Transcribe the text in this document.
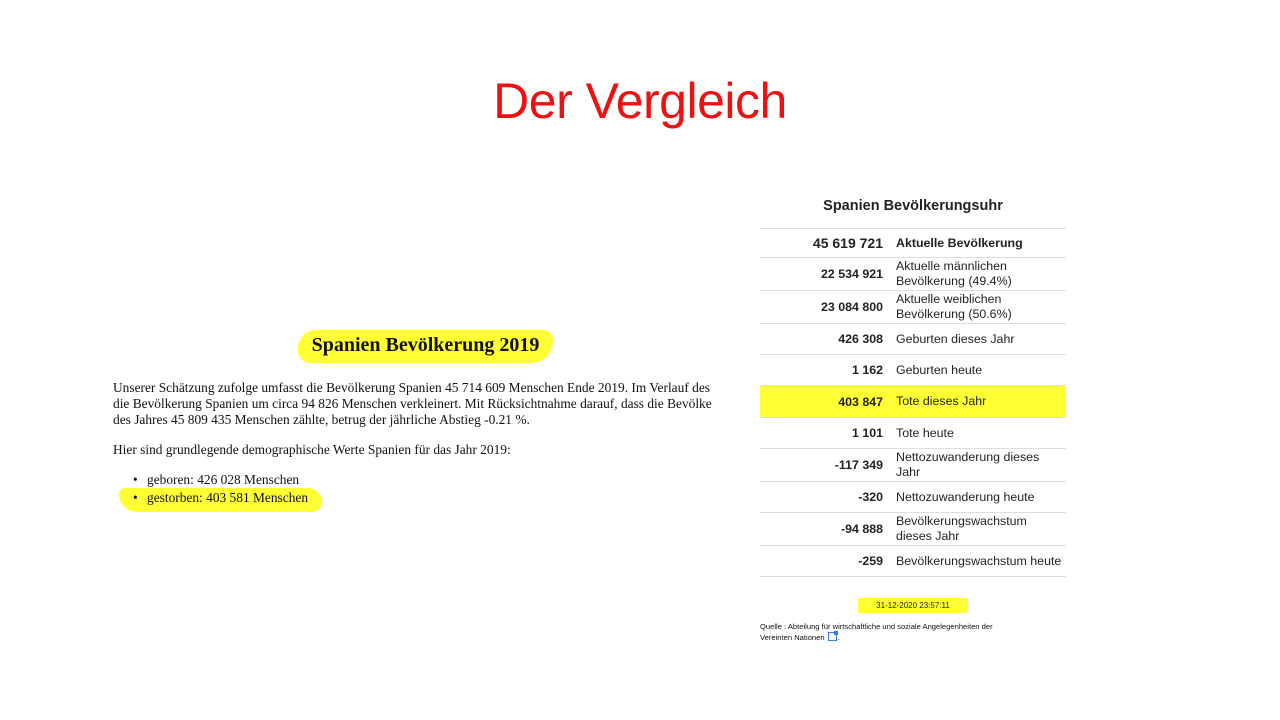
Der Vergleich
Spanien Bevölkerung 2019

Unserer Schätzung zufolge umfasst die Bevölkerung Spanien 45 714 609 Menschen Ende 2019. Im Verlauf des
die Bevölkerung Spanien um circa 94 826 Menschen verkleinert. Mit Rücksichtnahme darauf, dass die Bevölke
des Jahres 45 809 435 Menschen zählte, betrug der jährliche Abstieg -0.21 %.

Hier sind grundlegende demographische Werte Spanien für das Jahr 2019:

• geboren: 426 028 Menschen
• gestorben: 403 581 Menschen
Spanien Bevölkerungsuhr
45 619 721	Aktuelle Bevölkerung
22 534 921	Aktuelle männlichen
Bevölkerung (49.4%)
23 084 800	Aktuelle weiblichen
Bevölkerung (50.6%)
426 308	Geburten dieses Jahr
1 162	Geburten heute
403 847	Tote dieses Jahr
1 101	Tote heute
-117 349	Nettozuwanderung dieses
Jahr
-320	Nettozuwanderung heute
-94 888	Bevölkerungswachstum
dieses Jahr
-259	Bevölkerungswachstum heute
31-12-2020 23:57:11
Quelle : Abteilung für wirtschaftliche und soziale Angelegenheiten der
Vereinten Nationen .
